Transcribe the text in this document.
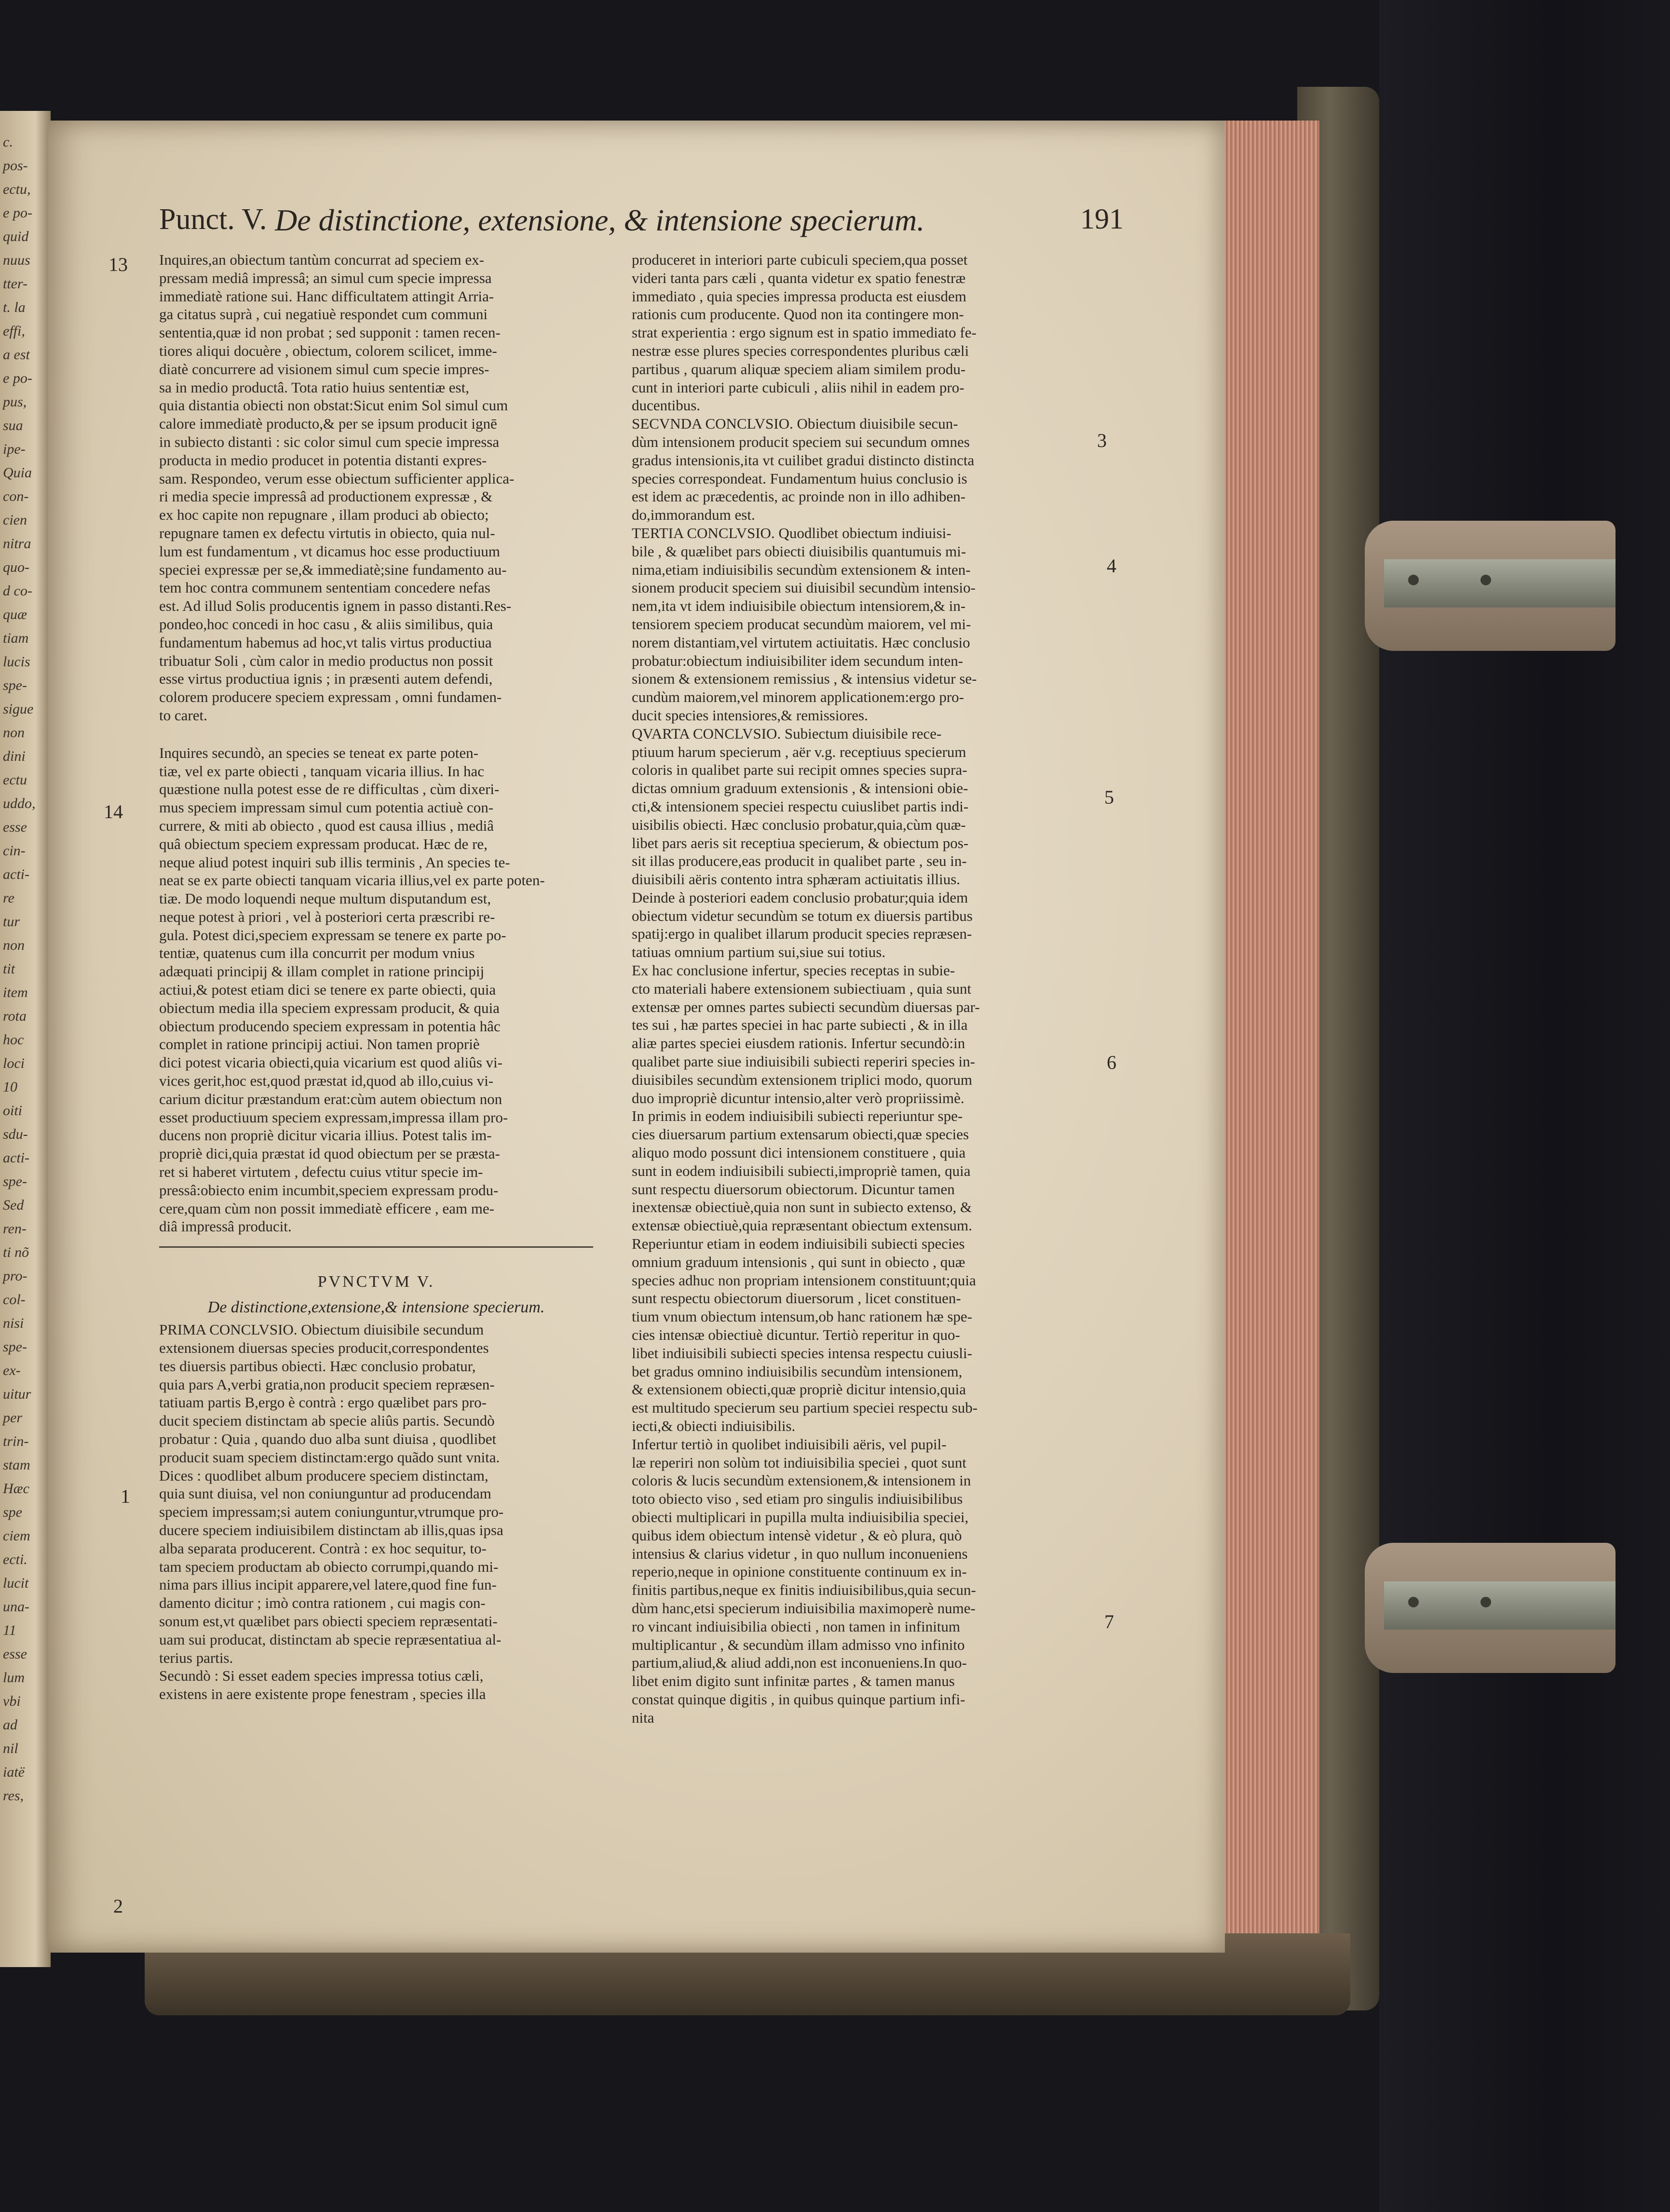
c.
pos-
ectu,
e po-
quid
nuus
tter-
t. la
effi,
a est
e po-
pus,
sua
ipe-
Quia
con-
cien
nitra
quo-
d co-
quæ
tiam
lucis
spe-
sigue
non
dini
ectu
uddo,
esse
cin-
acti-
re
tur
non
tit
item
rota
hoc
loci
10
oiti
sdu-
acti-
spe-
Sed
ren-
ti nõ
pro-
col-
nisi
spe-
ex-
uitur
per
trin-
stam
Hæc
spe
ciem
ecti.
lucit
una-
11
esse
lum
vbi
ad
nil
iatë
res,
Punct. V. De distinctione, extensione, & intensione specierum.	191
Inquires,an obiectum tantùm concurrat ad speciem ex-
pressam mediâ impressâ; an simul cum specie impressa
immediatè ratione sui. Hanc difficultatem attingit Arria-
ga citatus suprà , cui negatiuè respondet cum communi
sententia,quæ id non probat ; sed supponit : tamen recen-
tiores aliqui docuère , obiectum, colorem scilicet, imme-
diatè concurrere ad visionem simul cum specie impres-
sa in medio productâ. Tota ratio huius sententiæ est,
quia distantia obiecti non obstat:Sicut enim Sol simul cum
calore immediatè producto,& per se ipsum producit ignē
in subiecto distanti : sic color simul cum specie impressa
producta in medio producet in potentia distanti expres-
sam. Respondeo, verum esse obiectum sufficienter applica-
ri media specie impressâ ad productionem expressæ , &
ex hoc capite non repugnare , illam produci ab obiecto;
repugnare tamen ex defectu virtutis in obiecto, quia nul-
lum est fundamentum , vt dicamus hoc esse productiuum
speciei expressæ per se,& immediatè;sine fundamento au-
tem hoc contra communem sententiam concedere nefas
est. Ad illud Solis producentis ignem in passo distanti.Res-
pondeo,hoc concedi in hoc casu , & aliis similibus, quia
fundamentum habemus ad hoc,vt talis virtus productiua
tribuatur Soli , cùm calor in medio productus non possit
esse virtus productiua ignis ; in præsenti autem defendi,
colorem producere speciem expressam , omni fundamen-
to caret.
Inquires secundò, an species se teneat ex parte poten-
tiæ, vel ex parte obiecti , tanquam vicaria illius. In hac
quæstione nulla potest esse de re difficultas , cùm dixeri-
mus speciem impressam simul cum potentia actiuè con-
currere, & miti ab obiecto , quod est causa illius , mediâ
quâ obiectum speciem expressam producat. Hæc de re,
neque aliud potest inquiri sub illis terminis , An species te-
neat se ex parte obiecti tanquam vicaria illius,vel ex parte poten-
tiæ. De modo loquendi neque multum disputandum est,
neque potest à priori , vel à posteriori certa præscribi re-
gula. Potest dici,speciem expressam se tenere ex parte po-
tentiæ, quatenus cum illa concurrit per modum vnius
adæquati principij & illam complet in ratione principij
actiui,& potest etiam dici se tenere ex parte obiecti, quia
obiectum media illa speciem expressam producit, & quia
obiectum producendo speciem expressam in potentia hâc
complet in ratione principij actiui. Non tamen propriè
dici potest vicaria obiecti,quia vicarium est quod aliûs vi-
vices gerit,hoc est,quod præstat id,quod ab illo,cuius vi-
carium dicitur præstandum erat:cùm autem obiectum non
esset productiuum speciem expressam,impressa illam pro-
ducens non propriè dicitur vicaria illius. Potest talis im-
propriè dici,quia præstat id quod obiectum per se præsta-
ret si haberet virtutem , defectu cuius vtitur specie im-
pressâ:obiecto enim incumbit,speciem expressam produ-
cere,quam cùm non possit immediatè efficere , eam me-
diâ impressâ producit.
PVNCTVM V.
De distinctione,extensione,& intensione specierum.
PRIMA CONCLVSIO. Obiectum diuisibile secundum
extensionem diuersas species producit,correspondentes
tes diuersis partibus obiecti. Hæc conclusio probatur,
quia pars A,verbi gratia,non producit speciem repræsen-
tatiuam partis B,ergo è contrà : ergo quælibet pars pro-
ducit speciem distinctam ab specie aliûs partis. Secundò
probatur : Quia , quando duo alba sunt diuisa , quodlibet
producit suam speciem distinctam:ergo quãdo sunt vnita.
Dices : quodlibet album producere speciem distinctam,
quia sunt diuisa, vel non coniunguntur ad producendam
speciem impressam;si autem coniunguntur,vtrumque pro-
ducere speciem indiuisibilem distinctam ab illis,quas ipsa
alba separata producerent. Contrà : ex hoc sequitur, to-
tam speciem productam ab obiecto corrumpi,quando mi-
nima pars illius incipit apparere,vel latere,quod fine fun-
damento dicitur ; imò contra rationem , cui magis con-
sonum est,vt quælibet pars obiecti speciem repræsentati-
uam sui producat, distinctam ab specie repræsentatiua al-
terius partis.
Secundò : Si esset eadem species impressa totius cæli,
existens in aere existente prope fenestram , species illa
produceret in interiori parte cubiculi speciem,qua posset
videri tanta pars cæli , quanta videtur ex spatio fenestræ
immediato , quia species impressa producta est eiusdem
rationis cum producente. Quod non ita contingere mon-
strat experientia : ergo signum est in spatio immediato fe-
nestræ esse plures species correspondentes pluribus cæli
partibus , quarum aliquæ speciem aliam similem produ-
cunt in interiori parte cubiculi , aliis nihil in eadem pro-
ducentibus.
SECVNDA CONCLVSIO. Obiectum diuisibile secun-
dùm intensionem producit speciem sui secundum omnes
gradus intensionis,ita vt cuilibet gradui distincto distincta
species correspondeat. Fundamentum huius conclusio is
est idem ac præcedentis, ac proinde non in illo adhiben-
do,immorandum est.
TERTIA CONCLVSIO. Quodlibet obiectum indiuisi-
bile , & quælibet pars obiecti diuisibilis quantumuis mi-
nima,etiam indiuisibilis secundùm extensionem & inten-
sionem producit speciem sui diuisibil secundùm intensio-
nem,ita vt idem indiuisibile obiectum intensiorem,& in-
tensiorem speciem producat secundùm maiorem, vel mi-
norem distantiam,vel virtutem actiuitatis. Hæc conclusio
probatur:obiectum indiuisibiliter idem secundum inten-
sionem & extensionem remissius , & intensius videtur se-
cundùm maiorem,vel minorem applicationem:ergo pro-
ducit species intensiores,& remissiores.
QVARTA CONCLVSIO. Subiectum diuisibile rece-
ptiuum harum specierum , aër v.g. receptiuus specierum
coloris in qualibet parte sui recipit omnes species supra-
dictas omnium graduum extensionis , & intensioni obie-
cti,& intensionem speciei respectu cuiuslibet partis indi-
uisibilis obiecti. Hæc conclusio probatur,quia,cùm quæ-
libet pars aeris sit receptiua specierum, & obiectum pos-
sit illas producere,eas producit in qualibet parte , seu in-
diuisibili aëris contento intra sphæram actiuitatis illius.
Deinde à posteriori eadem conclusio probatur;quia idem
obiectum videtur secundùm se totum ex diuersis partibus
spatij:ergo in qualibet illarum producit species repræsen-
tatiuas omnium partium sui,siue sui totius.
Ex hac conclusione infertur, species receptas in subie-
cto materiali habere extensionem subiectiuam , quia sunt
extensæ per omnes partes subiecti secundùm diuersas par-
tes sui , hæ partes speciei in hac parte subiecti , & in illa
aliæ partes speciei eiusdem rationis. Infertur secundò:in
qualibet parte siue indiuisibili subiecti reperiri species in-
diuisibiles secundùm extensionem triplici modo, quorum
duo impropriè dicuntur intensio,alter verò propriissimè.
In primis in eodem indiuisibili subiecti reperiuntur spe-
cies diuersarum partium extensarum obiecti,quæ species
aliquo modo possunt dici intensionem constituere , quia
sunt in eodem indiuisibili subiecti,impropriè tamen, quia
sunt respectu diuersorum obiectorum. Dicuntur tamen
inextensæ obiectiuè,quia non sunt in subiecto extenso, &
extensæ obiectiuè,quia repræsentant obiectum extensum.
Reperiuntur etiam in eodem indiuisibili subiecti species
omnium graduum intensionis , qui sunt in obiecto , quæ
species adhuc non propriam intensionem constituunt;quia
sunt respectu obiectorum diuersorum , licet constituen-
tium vnum obiectum intensum,ob hanc rationem hæ spe-
cies intensæ obiectiuè dicuntur. Tertiò reperitur in quo-
libet indiuisibili subiecti species intensa respectu cuiusli-
bet gradus omnino indiuisibilis secundùm intensionem,
& extensionem obiecti,quæ propriè dicitur intensio,quia
est multitudo specierum seu partium speciei respectu sub-
iecti,& obiecti indiuisibilis.
Infertur tertiò in quolibet indiuisibili aëris, vel pupil-
læ reperiri non solùm tot indiuisibilia speciei , quot sunt
coloris & lucis secundùm extensionem,& intensionem in
toto obiecto viso , sed etiam pro singulis indiuisibilibus
obiecti multiplicari in pupilla multa indiuisibilia speciei,
quibus idem obiectum intensè videtur , & eò plura, quò
intensius & clarius videtur , in quo nullum inconueniens
reperio,neque in opinione constituente continuum ex in-
finitis partibus,neque ex finitis indiuisibilibus,quia secun-
dùm hanc,etsi specierum indiuisibilia maximoperè nume-
ro vincant indiuisibilia obiecti , non tamen in infinitum
multiplicantur , & secundùm illam admisso vno infinito
partium,aliud,& aliud addi,non est inconueniens.In quo-
libet enim digito sunt infinitæ partes , & tamen manus
constat quinque digitis , in quibus quinque partium infi-
nita
13
14
1
2
3
4
5
6
7
